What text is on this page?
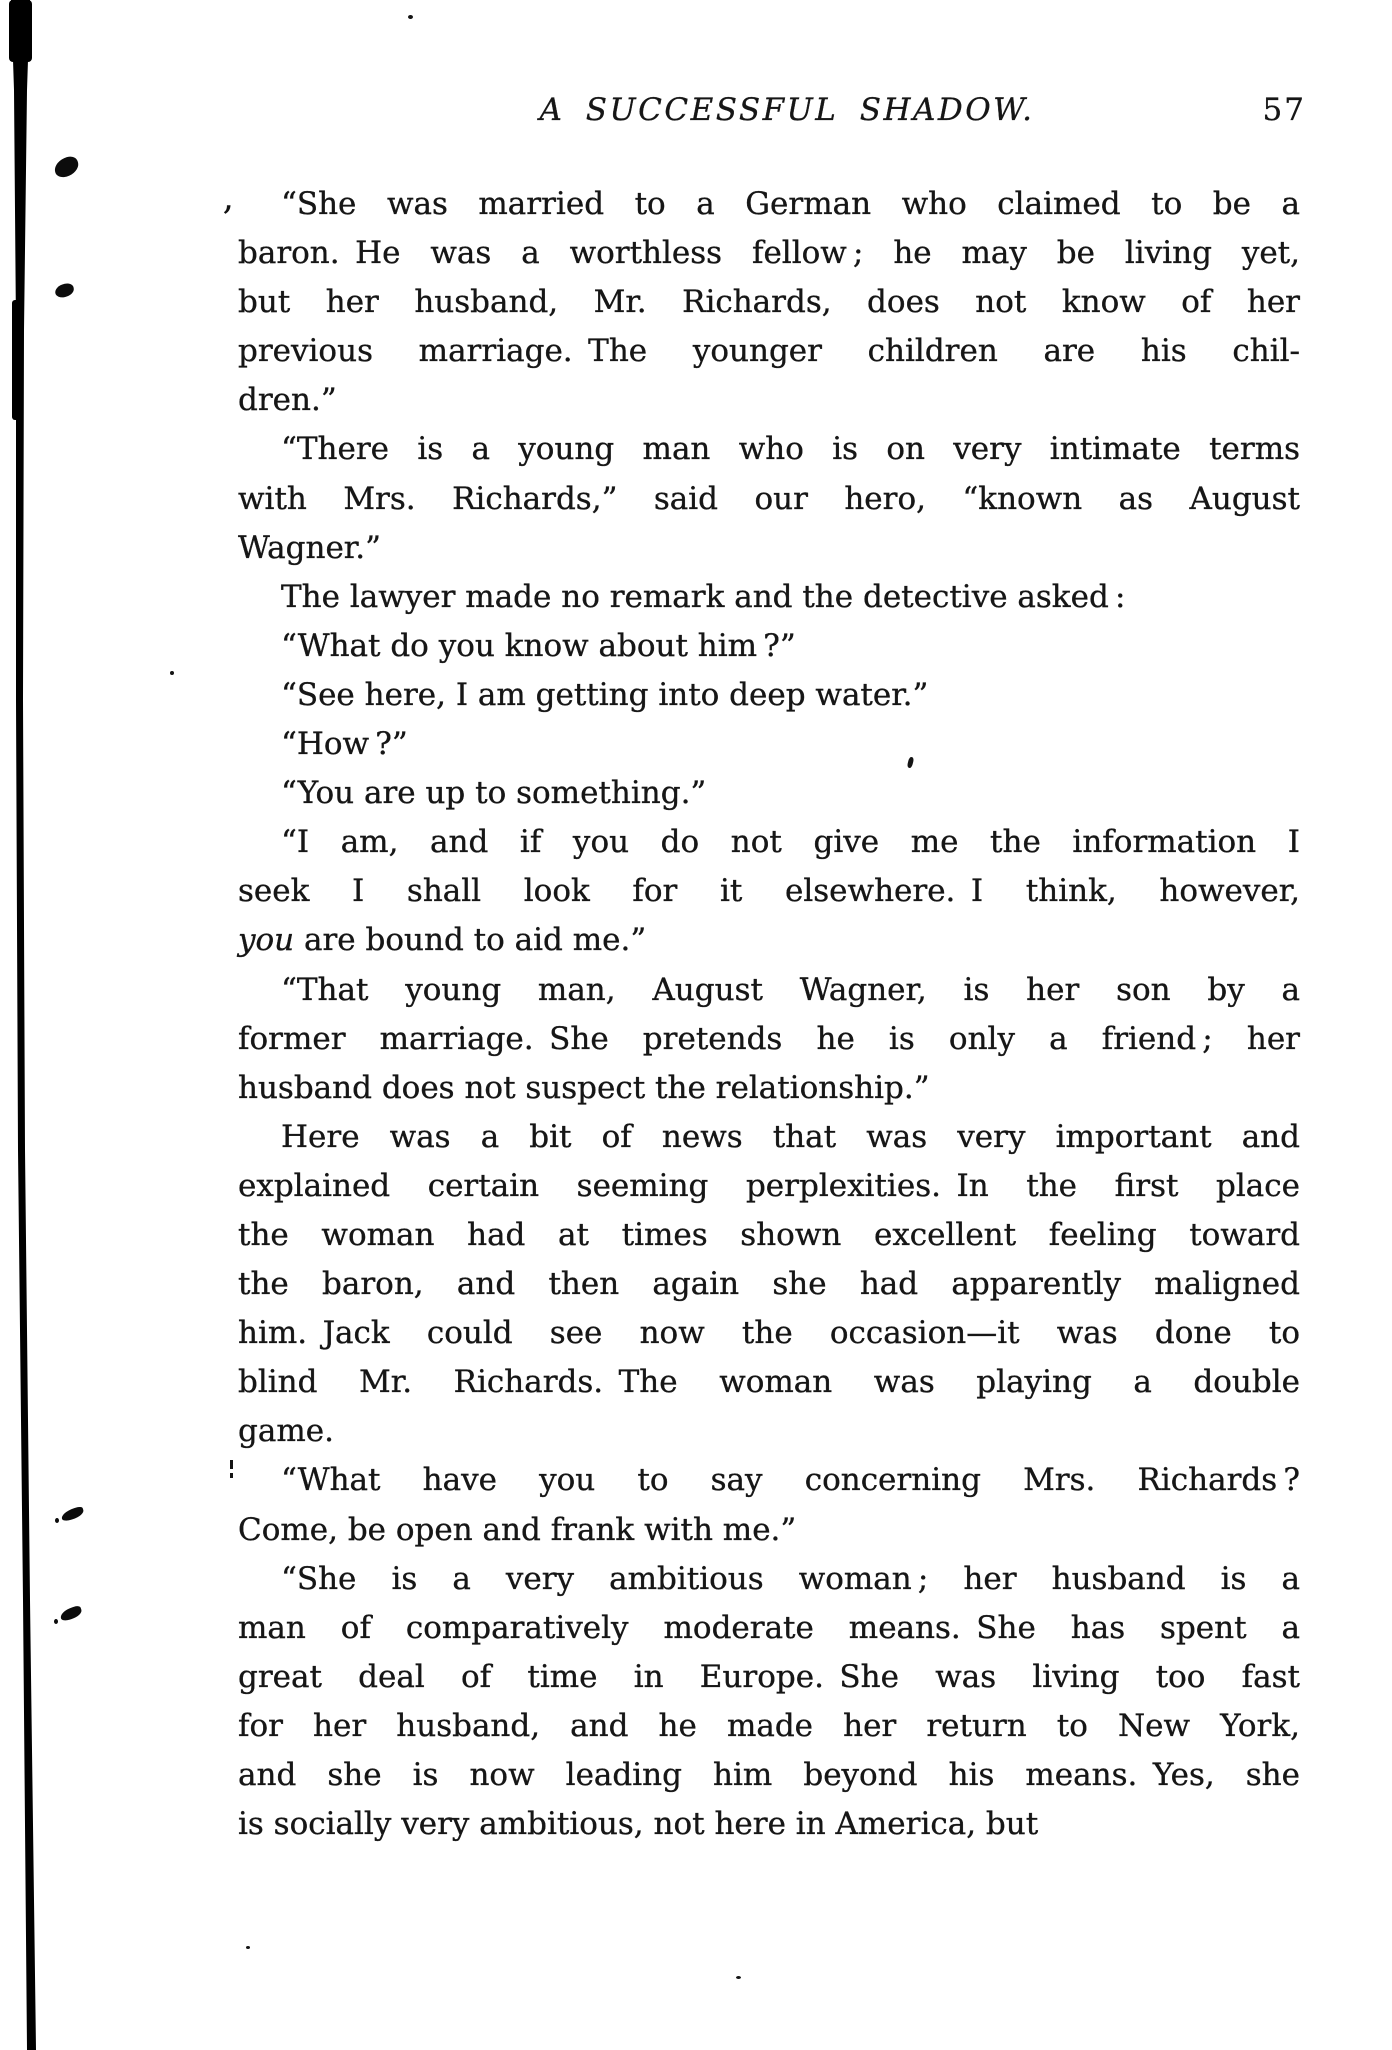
,
A SUCCESSFUL SHADOW.	57
“She was married to a German who claimed to be a
baron. He was a worthless fellow ; he may be living yet,
but her husband, Mr. Richards, does not know of her
previous marriage. The younger children are his chil-
dren.”
“There is a young man who is on very intimate terms
with Mrs. Richards,” said our hero, “known as August
Wagner.”
The lawyer made no remark and the detective asked :
“What do you know about him ?”
“See here, I am getting into deep water.”
“How ?”
“You are up to something.”
“I am, and if you do not give me the information I
seek I shall look for it elsewhere. I think, however,
you are bound to aid me.”
“That young man, August Wagner, is her son by a
former marriage. She pretends he is only a friend ; her
husband does not suspect the relationship.”
Here was a bit of news that was very important and
explained certain seeming perplexities. In the first place
the woman had at times shown excellent feeling toward
the baron, and then again she had apparently maligned
him. Jack could see now the occasion—it was done to
blind Mr. Richards. The woman was playing a double
game.
“What have you to say concerning Mrs. Richards ?
Come, be open and frank with me.”
“She is a very ambitious woman ; her husband is a
man of comparatively moderate means. She has spent a
great deal of time in Europe. She was living too fast
for her husband, and he made her return to New York,
and she is now leading him beyond his means. Yes, she
is socially very ambitious, not here in America, but
